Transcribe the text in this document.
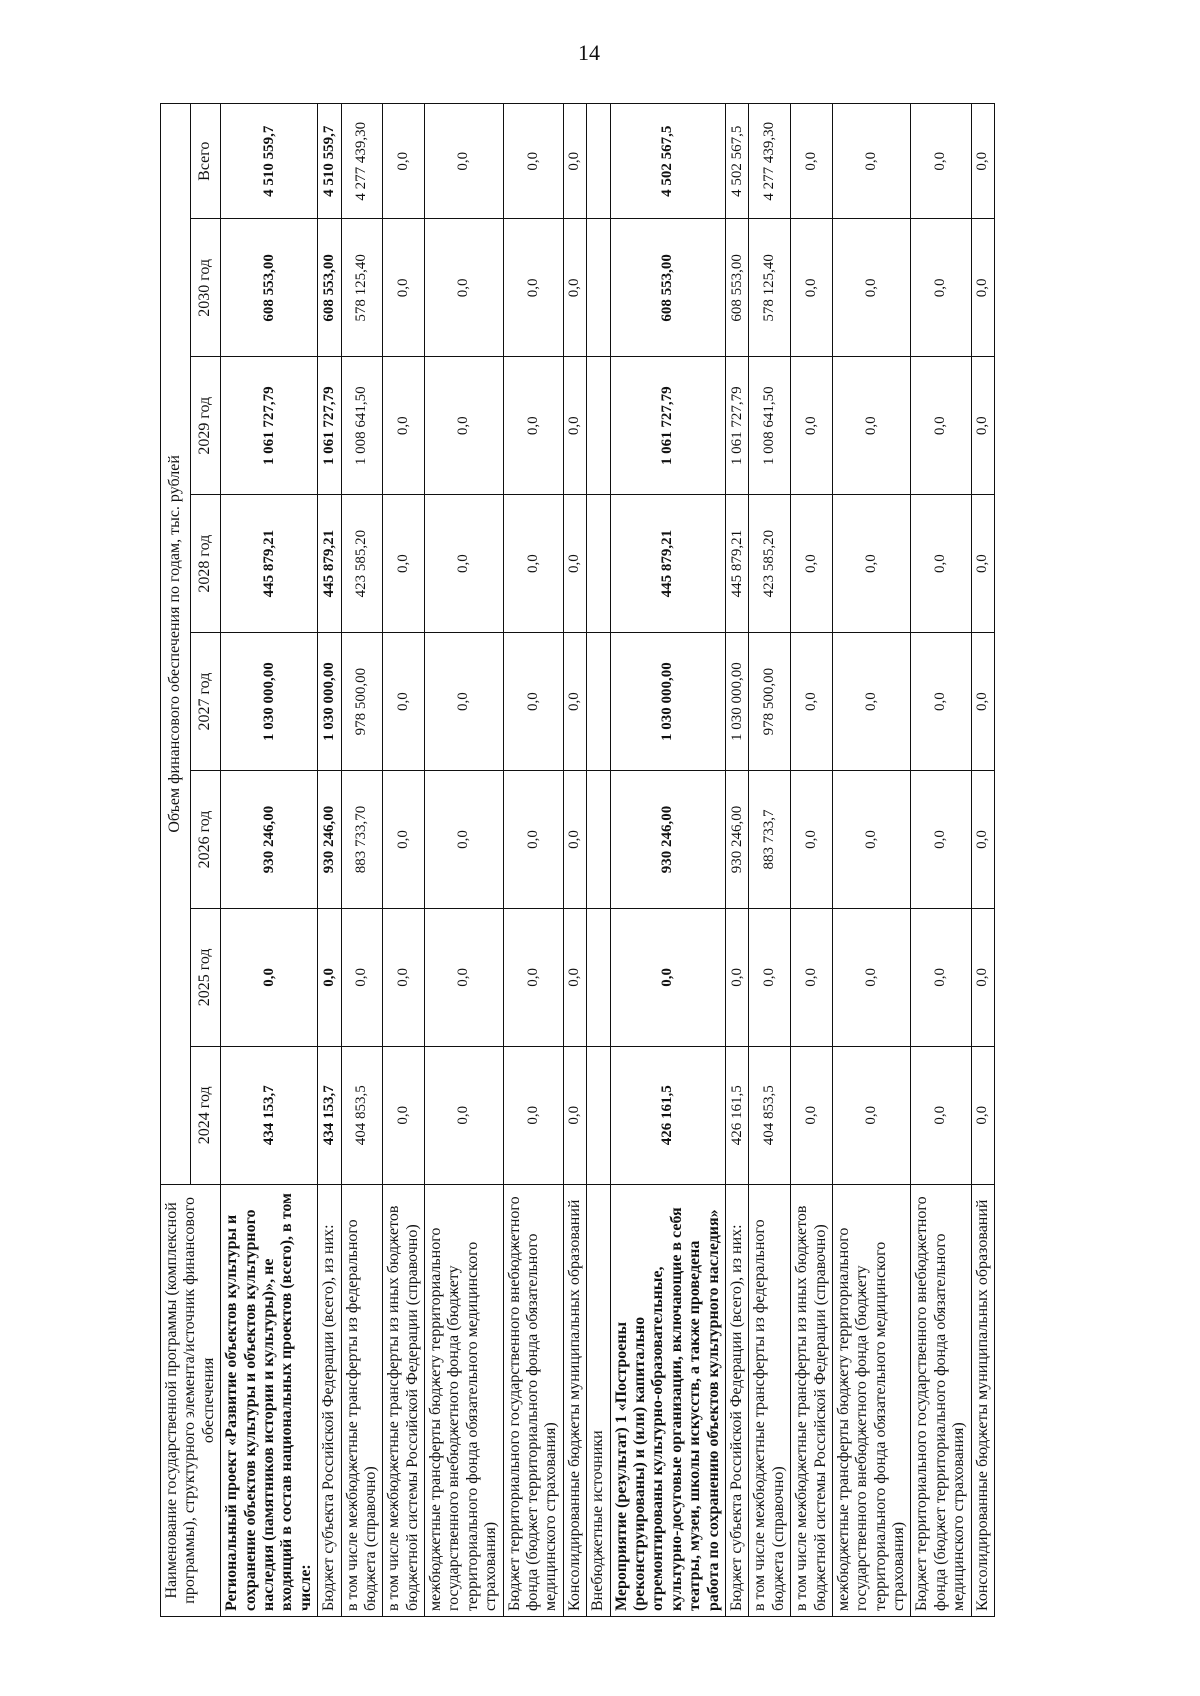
14
Наименование государственной программы (комплексной программы), структурного элемента/источник финансового обеспечения	Объем финансового обеспечения по годам, тыс. рублей							
	2024 год	2025 год	2026 год	2027 год	2028 год	2029 год	2030 год	Всего
Региональный проект «Развитие объектов культуры и сохранение объектов культуры и объектов культурного наследия (памятников истории и культуры)», не входящий в состав национальных проектов (всего), в том числе:	434 153,7	0,0	930 246,00	1 030 000,00	445 879,21	1 061 727,79	608 553,00	4 510 559,7
Бюджет субъекта Российской Федерации (всего), из них:	434 153,7	0,0	930 246,00	1 030 000,00	445 879,21	1 061 727,79	608 553,00	4 510 559,7
в том числе межбюджетные трансферты из федерального бюджета (справочно)	404 853,5	0,0	883 733,70	978 500,00	423 585,20	1 008 641,50	578 125,40	4 277 439,30
в том числе межбюджетные трансферты из иных бюджетов бюджетной системы Российской Федерации (справочно)	0,0	0,0	0,0	0,0	0,0	0,0	0,0	0,0
межбюджетные трансферты бюджету территориального государственного внебюджетного фонда (бюджету территориального фонда обязательного медицинского страхования)	0,0	0,0	0,0	0,0	0,0	0,0	0,0	0,0
Бюджет территориального государственного внебюджетного фонда (бюджет территориального фонда обязательного медицинского страхования)	0,0	0,0	0,0	0,0	0,0	0,0	0,0	0,0
Консолидированные бюджеты муниципальных образований	0,0	0,0	0,0	0,0	0,0	0,0	0,0	0,0
Внебюджетные источники								
Мероприятие (результат) 1 «Построены (реконструированы) и (или) капитально отремонтированы культурно-образовательные, культурно-досуговые организации, включающие в себя театры, музеи, школы искусств, а также проведена работа по сохранению объектов культурного наследия»	426 161,5	0,0	930 246,00	1 030 000,00	445 879,21	1 061 727,79	608 553,00	4 502 567,5
Бюджет субъекта Российской Федерации (всего), из них:	426 161,5	0,0	930 246,00	1 030 000,00	445 879,21	1 061 727,79	608 553,00	4 502 567,5
в том числе межбюджетные трансферты из федерального бюджета (справочно)	404 853,5	0,0	883 733,7	978 500,00	423 585,20	1 008 641,50	578 125,40	4 277 439,30
в том числе межбюджетные трансферты из иных бюджетов бюджетной системы Российской Федерации (справочно)	0,0	0,0	0,0	0,0	0,0	0,0	0,0	0,0
межбюджетные трансферты бюджету территориального государственного внебюджетного фонда (бюджету территориального фонда обязательного медицинского страхования)	0,0	0,0	0,0	0,0	0,0	0,0	0,0	0,0
Бюджет территориального государственного внебюджетного фонда (бюджет территориального фонда обязательного медицинского страхования)	0,0	0,0	0,0	0,0	0,0	0,0	0,0	0,0
Консолидированные бюджеты муниципальных образований	0,0	0,0	0,0	0,0	0,0	0,0	0,0	0,0
